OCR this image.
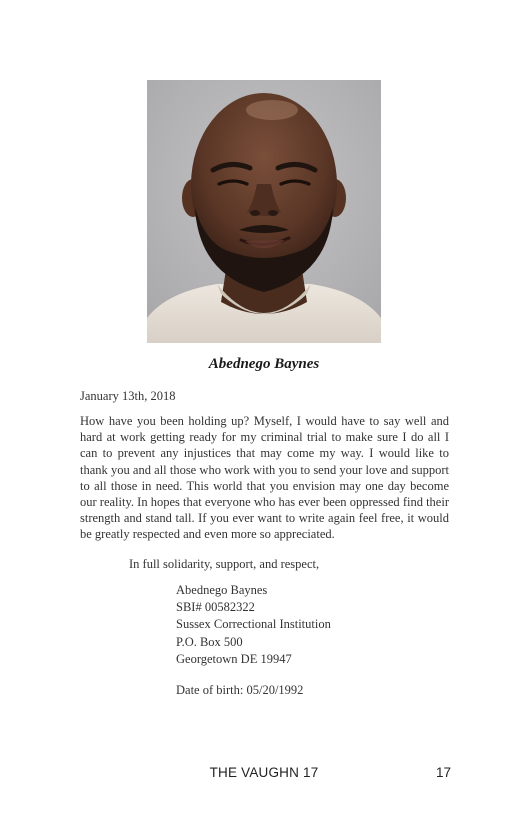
Abednego Baynes
January 13th, 2018

How have you been holding up? Myself, I would have to say well and hard at work getting ready for my criminal trial to make sure I do all I can to prevent any injustices that may come my way. I would like to thank you and all those who work with you to send your love and support to all those in need. This world that you envision may one day become our reality. In hopes that everyone who has ever been oppressed find their strength and stand tall. If you ever want to write again feel free, it would be greatly respected and even more so appreciated.

In full solidarity, support, and respect,
Abednego Baynes
SBI# 00582322
Sussex Correctional Institution
P.O. Box 500
Georgetown DE 19947
Date of birth: 05/20/1992
THE VAUGHN 17	17
